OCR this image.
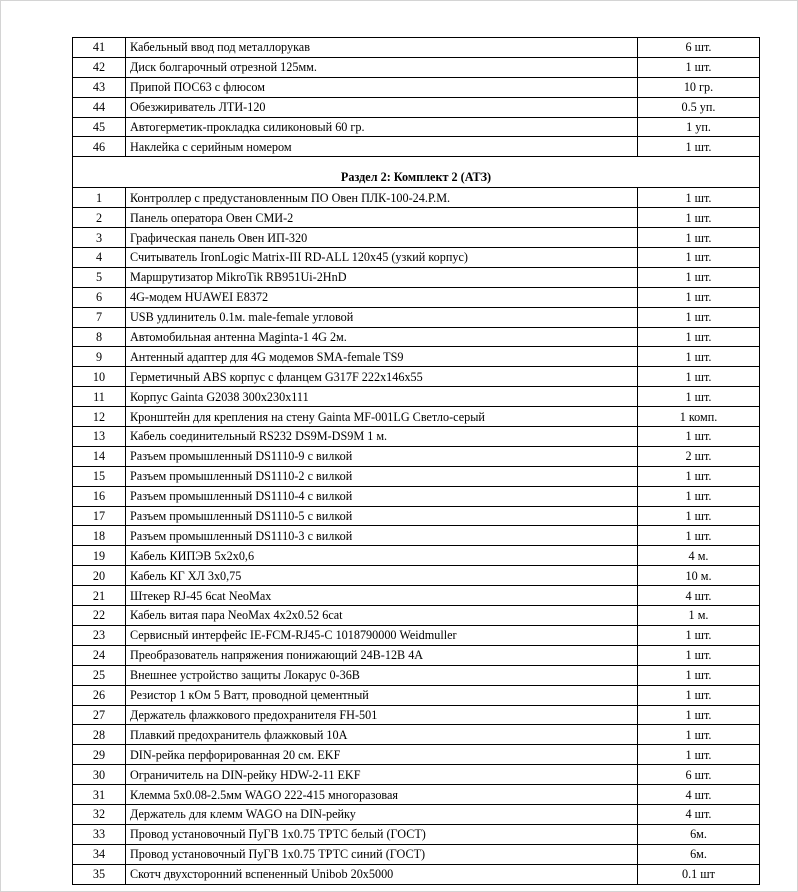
41	Кабельный ввод под металлорукав	6 шт.
42	Диск болгарочный отрезной 125мм.	1 шт.
43	Припой ПОС63 с флюсом	10 гр.
44	Обезжириватель ЛТИ-120	0.5 уп.
45	Автогерметик-прокладка силиконовый 60 гр.	1 уп.
46	Наклейка с серийным номером	1 шт.
Раздел 2: Комплект 2 (АТЗ)		
1	Контроллер с предустановленным ПО Овен ПЛК-100-24.Р.М.	1 шт.
2	Панель оператора Овен СМИ-2	1 шт.
3	Графическая панель Овен ИП-320	1 шт.
4	Считыватель IronLogic Matrix-III RD-ALL 120x45 (узкий корпус)	1 шт.
5	Маршрутизатор MikroTik RB951Ui-2HnD	1 шт.
6	4G-модем HUAWEI E8372	1 шт.
7	USB удлинитель 0.1м. male-female угловой	1 шт.
8	Автомобильная антенна Maginta-1 4G 2м.	1 шт.
9	Антенный адаптер для 4G модемов SMA-female TS9	1 шт.
10	Герметичный ABS корпус с фланцем G317F 222x146x55	1 шт.
11	Корпус Gainta G2038 300x230x111	1 шт.
12	Кронштейн для крепления на стену Gainta MF-001LG Светло-серый	1 комп.
13	Кабель соединительный RS232 DS9M-DS9M 1 м.	1 шт.
14	Разъем промышленный DS1110-9 с вилкой	2 шт.
15	Разъем промышленный DS1110-2 с вилкой	1 шт.
16	Разъем промышленный DS1110-4 с вилкой	1 шт.
17	Разъем промышленный DS1110-5 с вилкой	1 шт.
18	Разъем промышленный DS1110-3 с вилкой	1 шт.
19	Кабель КИПЭВ 5x2x0,6	4 м.
20	Кабель КГ ХЛ 3x0,75	10 м.
21	Штекер RJ-45 6cat NeoMax	4 шт.
22	Кабель витая пара NeoMax 4x2x0.52 6cat	1 м.
23	Сервисный интерфейс IE-FCM-RJ45-C 1018790000 Weidmuller	1 шт.
24	Преобразователь напряжения понижающий 24В-12В 4А	1 шт.
25	Внешнее устройство защиты Локарус 0-36В	1 шт.
26	Резистор 1 кОм 5 Ватт, проводной цементный	1 шт.
27	Держатель флажкового предохранителя FH-501	1 шт.
28	Плавкий предохранитель флажковый 10А	1 шт.
29	DIN-рейка перфорированная 20 см. EKF	1 шт.
30	Ограничитель на DIN-рейку HDW-2-11 EKF	6 шт.
31	Клемма 5x0.08-2.5мм WAGO 222-415 многоразовая	4 шт.
32	Держатель для клемм WAGO на DIN-рейку	4 шт.
33	Провод установочный ПуГВ 1x0.75 ТРТС белый (ГОСТ)	6м.
34	Провод установочный ПуГВ 1x0.75 ТРТС синий (ГОСТ)	6м.
35	Скотч двухсторонний вспененный Unibob 20x5000	0.1 шт
